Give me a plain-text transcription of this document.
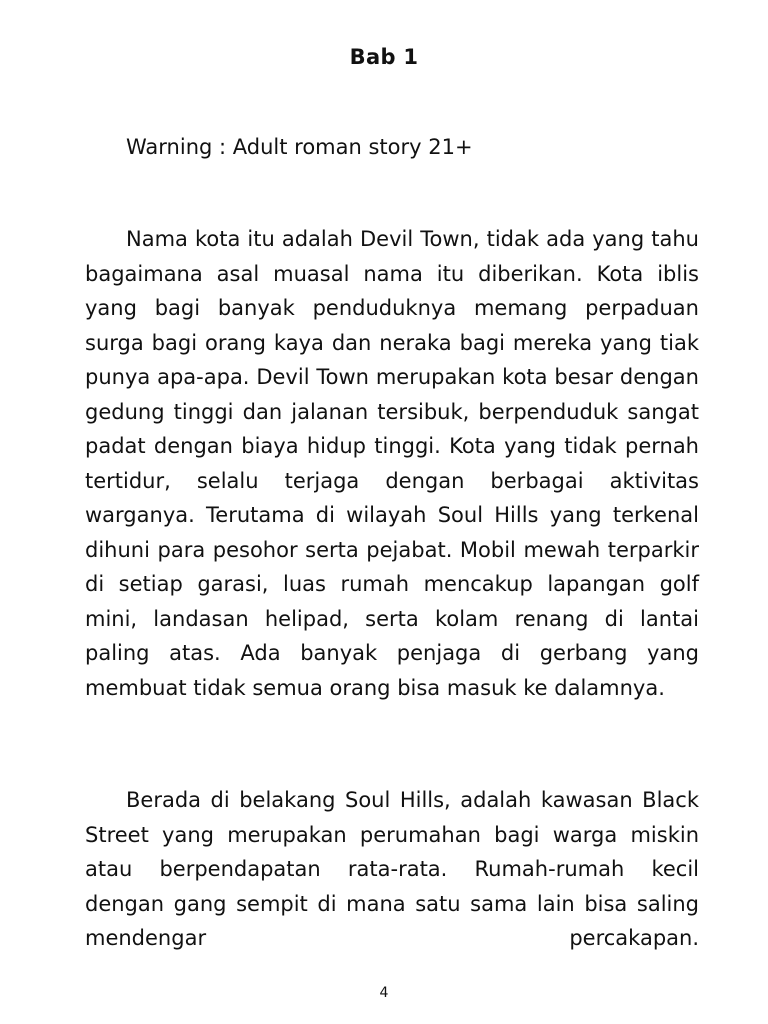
Bab 1
Warning : Adult roman story 21+

Nama kota itu adalah Devil Town, tidak ada yang tahu bagaimana asal muasal nama itu diberikan. Kota iblis yang bagi banyak penduduknya memang perpaduan surga bagi orang kaya dan neraka bagi mereka yang tiak punya apa-apa. Devil Town merupakan kota besar dengan gedung tinggi dan jalanan tersibuk, berpenduduk sangat padat dengan biaya hidup tinggi. Kota yang tidak pernah tertidur, selalu terjaga dengan berbagai aktivitas warganya. Terutama di wilayah Soul Hills yang terkenal dihuni para pesohor serta pejabat. Mobil mewah terparkir di setiap garasi, luas rumah mencakup lapangan golf mini, landasan helipad, serta kolam renang di lantai paling atas. Ada banyak penjaga di gerbang yang membuat tidak semua orang bisa masuk ke dalamnya.

Berada di belakang Soul Hills, adalah kawasan Black Street yang merupakan perumahan bagi warga miskin atau berpendapatan rata-rata. Rumah-rumah kecil dengan gang sempit di mana satu sama lain bisa saling mendengar percakapan.

4
